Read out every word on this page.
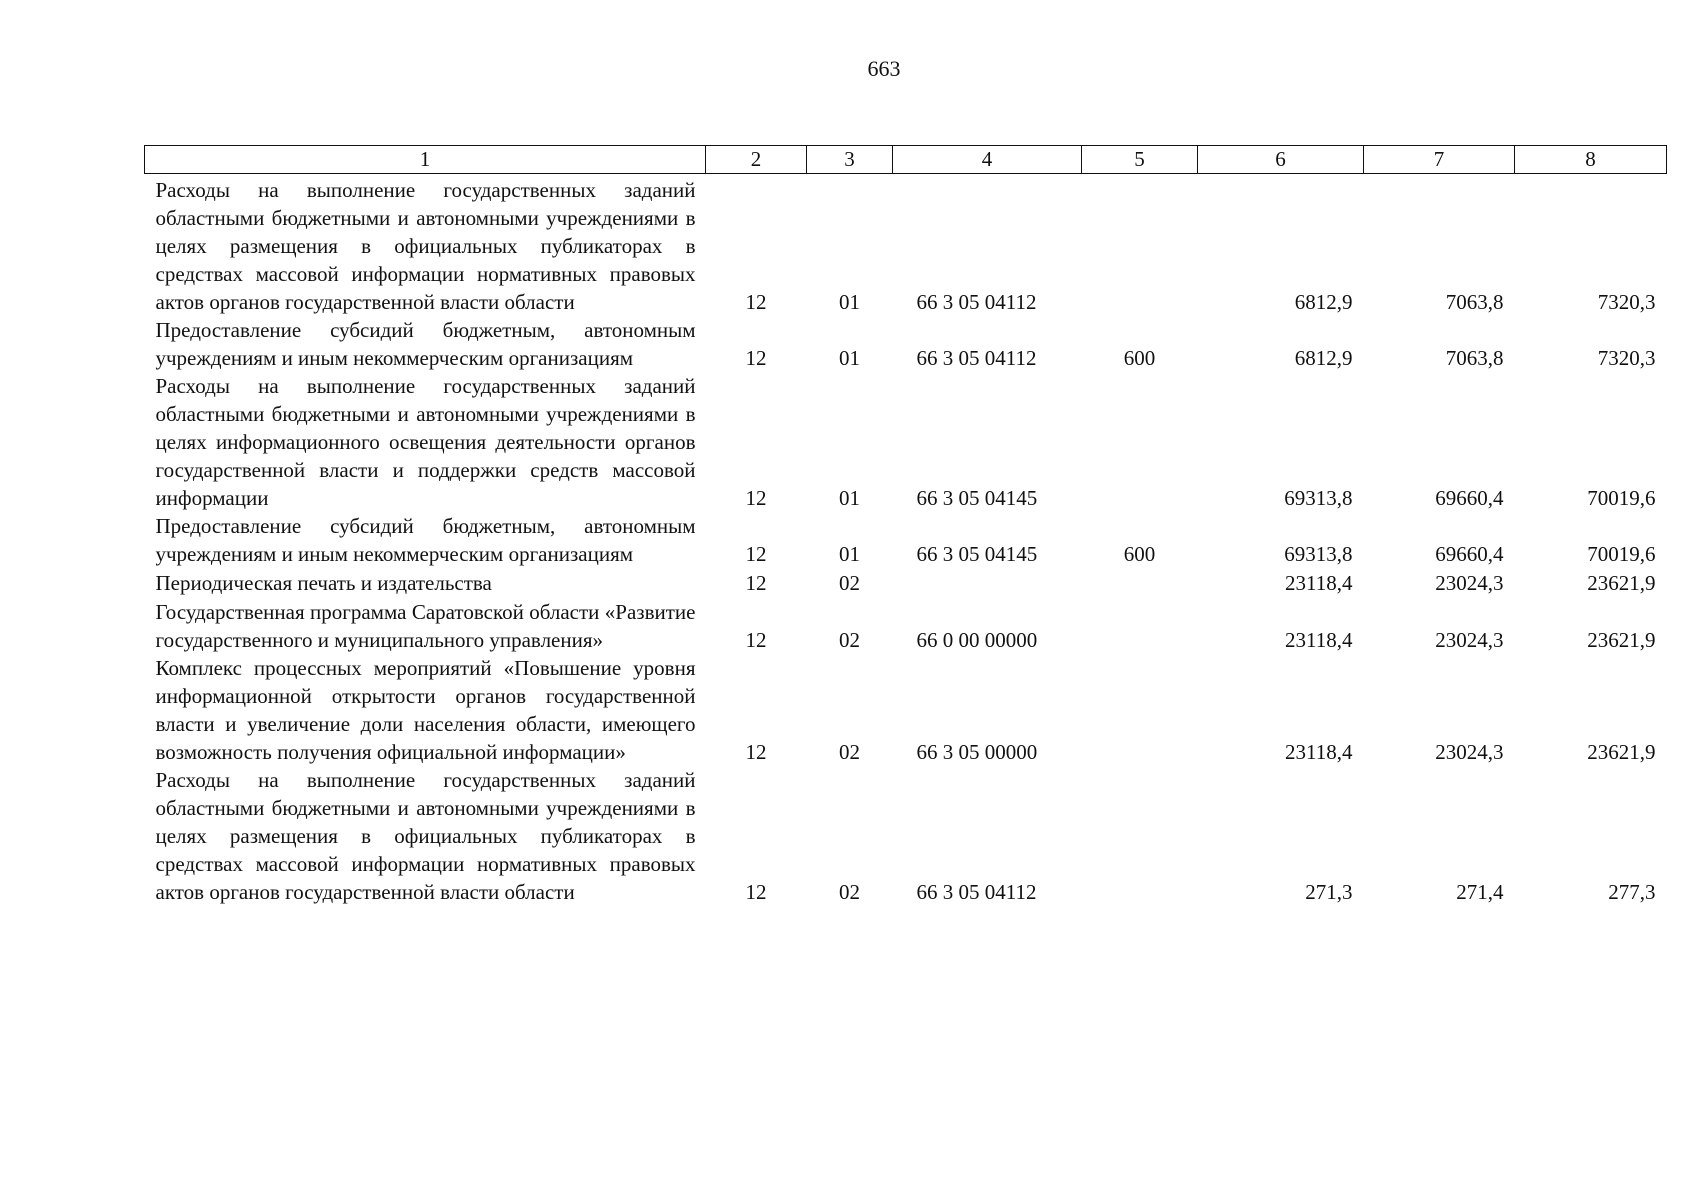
663
1	2	3	4	5	6	7	8
Расходы на выполнение государственных заданий областными бюджетными и автономными учреждениями в целях размещения в официальных публикаторах в средствах массовой информации нормативных правовых актов органов государственной власти области	12	01	66 3 05 04112		6812,9	7063,8	7320,3
Предоставление субсидий бюджетным, автономным учреждениям и иным некоммерческим организациям	12	01	66 3 05 04112	600	6812,9	7063,8	7320,3
Расходы на выполнение государственных заданий областными бюджетными и автономными учреждениями в целях информационного освещения деятельности органов государственной власти и поддержки средств массовой информации	12	01	66 3 05 04145		69313,8	69660,4	70019,6
Предоставление субсидий бюджетным, автономным учреждениям и иным некоммерческим организациям	12	01	66 3 05 04145	600	69313,8	69660,4	70019,6
Периодическая печать и издательства	12	02			23118,4	23024,3	23621,9
Государственная программа Саратовской области «Развитие государственного и муниципального управления»	12	02	66 0 00 00000		23118,4	23024,3	23621,9
Комплекс процессных мероприятий «Повышение уровня информационной открытости органов государственной власти и увеличение доли населения области, имеющего возможность получения официальной информации»	12	02	66 3 05 00000		23118,4	23024,3	23621,9
Расходы на выполнение государственных заданий областными бюджетными и автономными учреждениями в целях размещения в официальных публикаторах в средствах массовой информации нормативных правовых актов органов государственной власти области	12	02	66 3 05 04112		271,3	271,4	277,3
